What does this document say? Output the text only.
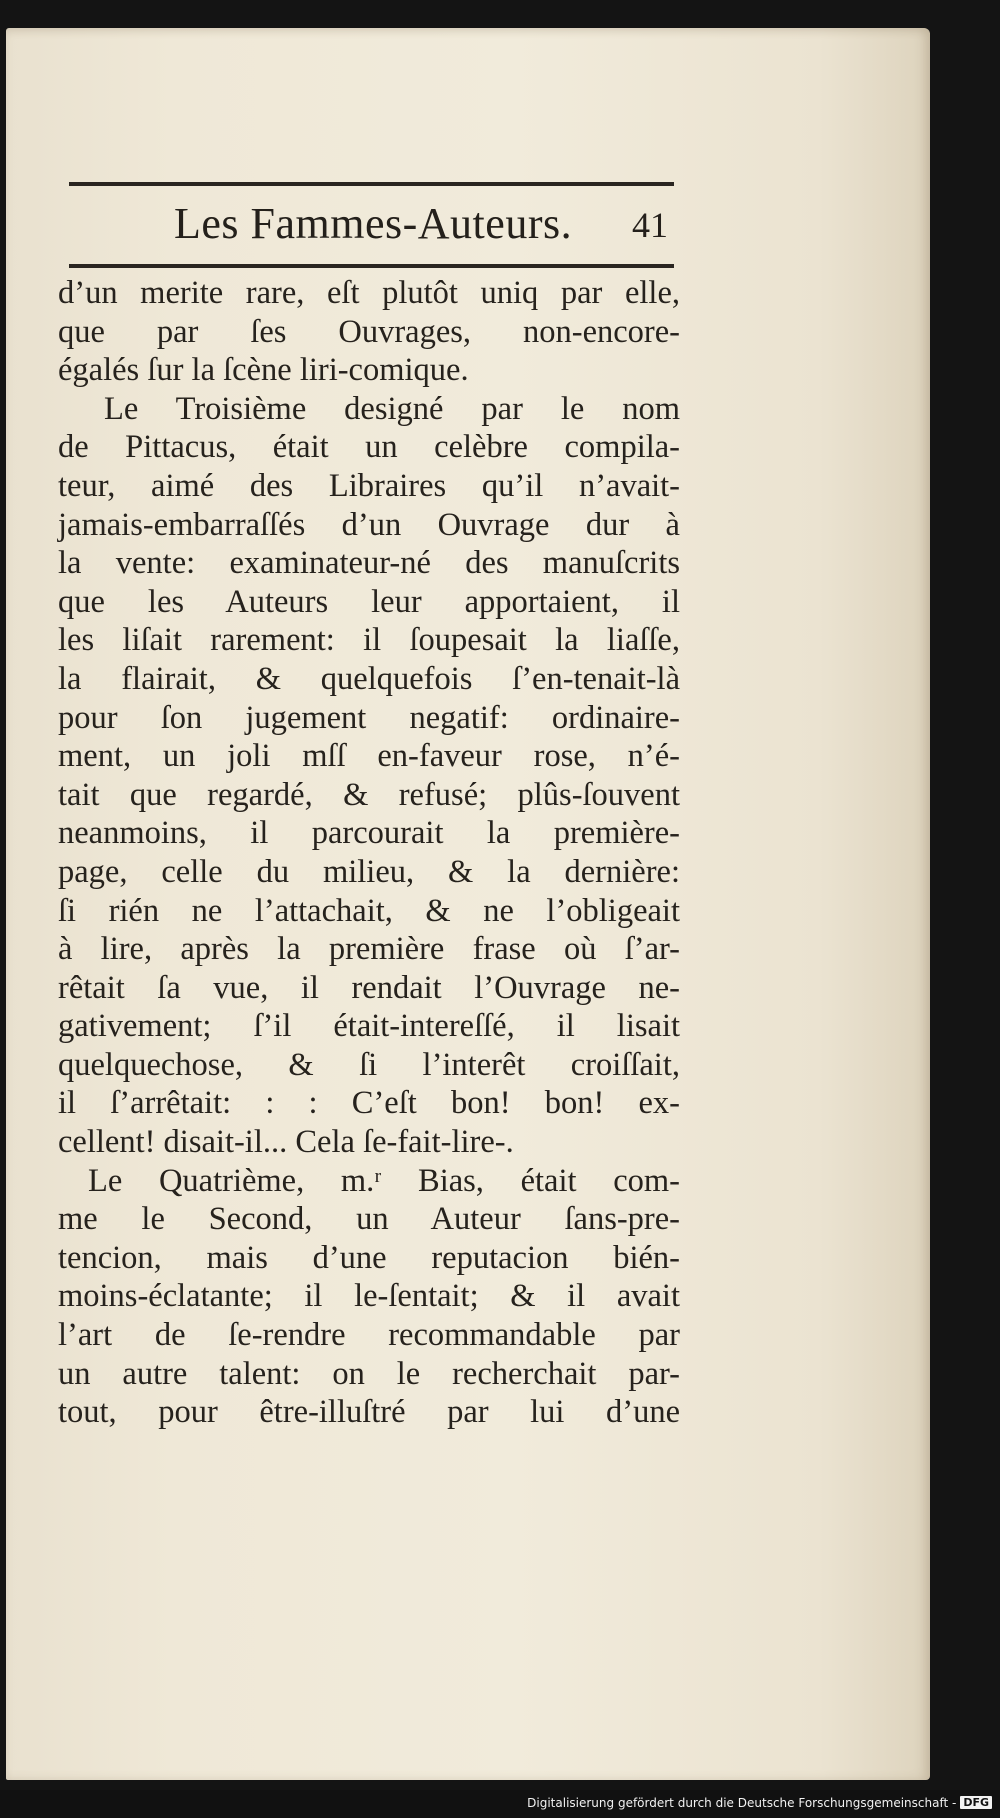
Les Fammes-Auteurs. 41
d’un merite rare, eſt plutôt uniq par elle,
que par ſes Ouvrages, non-encore-
égalés ſur la ſcène liri-comique.
Le Troisième designé par le nom
de Pittacus, était un celèbre compila-
teur, aimé des Libraires qu’il n’avait-
jamais-embarraſſés d’un Ouvrage dur à
la vente: examinateur-né des manuſcrits
que les Auteurs leur apportaient, il
les liſait rarement: il ſoupesait la liaſſe,
la flairait, & quelquefois ſ’en-tenait-là
pour ſon jugement negatif: ordinaire-
ment, un joli mſſ en-faveur rose, n’é-
tait que regardé, & refusé; plûs-ſouvent
neanmoins, il parcourait la première-
page, celle du milieu, & la dernière:
ſi rién ne l’attachait, & ne l’obligeait
à lire, après la première frase où ſ’ar-
rêtait ſa vue, il rendait l’Ouvrage ne-
gativement; ſ’il était-intereſſé, il lisait
quelquechose, & ſi l’interêt croiſſait,
il ſ’arrêtait: : : C’eſt bon! bon! ex-
cellent! disait-il... Cela ſe-fait-lire-.
Le Quatrième, m.ʳ Bias, était com-
me le Second, un Auteur ſans-pre-
tencion, mais d’une reputacion bién-
moins-éclatante; il le-ſentait; & il avait
l’art de ſe-rendre recommandable par
un autre talent: on le recherchait par-
tout, pour être-illuſtré par lui d’une
Digitalisierung gefördert durch die Deutsche Forschungsgemeinschaft - DFG
